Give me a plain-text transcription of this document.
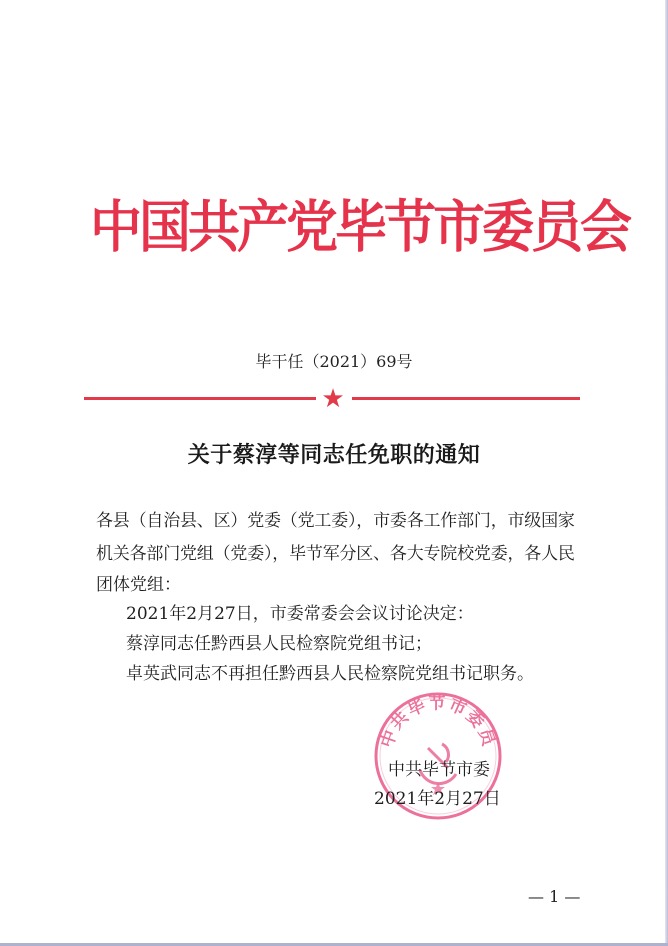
中国共产党毕节市委员会
毕干任（2021）69号
★
关于蔡淳等同志任免职的通知
各县（自治县、区）党委（党工委），市委各工作部门，市级国家
机关各部门党组（党委），毕节军分区、各大专院校党委，各人民
团体党组：
2021年2月27日，市委常委会会议讨论决定：
蔡淳同志任黔西县人民检察院党组书记；
卓英武同志不再担任黔西县人民检察院党组书记职务。
中共毕节市委员
中共毕节市委
2021年2月27日
— 1 —
